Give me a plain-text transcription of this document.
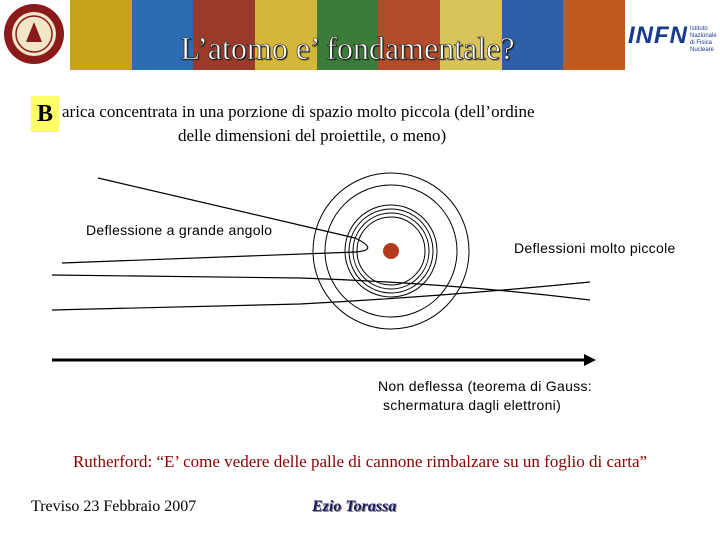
L’atomo e’ fondamentale?	INFN Istituto Nazionale
di Fisica Nucleare
B arica concentrata in una porzione di spazio molto piccola (dell’ordine
delle dimensioni del proiettile, o meno)
Deflessione a grande angolo
Deflessioni molto piccole
Non deflessa (teorema di Gauss:
schermatura dagli elettroni)
Rutherford: “E’ come vedere delle palle di cannone rimbalzare su un foglio di carta”
Treviso 23 Febbraio 2007	Ezio Torassa
